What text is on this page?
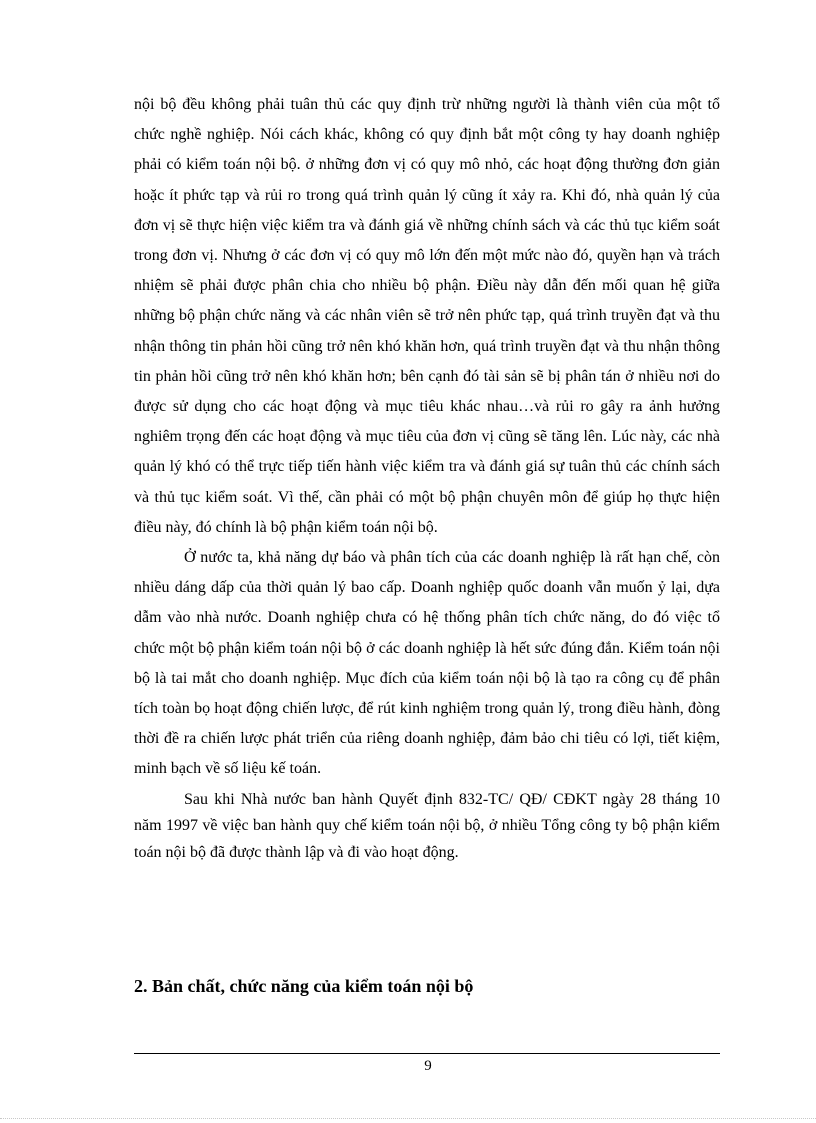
nội bộ đều không phải tuân thủ các quy định trừ những người là thành viên của một tổ chức nghề nghiệp. Nói cách khác, không có quy định bắt một công ty hay doanh nghiệp phải có kiểm toán nội bộ. ở những đơn vị có quy mô nhỏ, các hoạt động thường đơn giản hoặc ít phức tạp và rủi ro trong quá trình quản lý cũng ít xảy ra. Khi đó, nhà quản lý của đơn vị sẽ thực hiện việc kiểm tra và đánh giá về những chính sách và các thủ tục kiểm soát trong đơn vị. Nhưng ở các đơn vị có quy mô lớn đến một mức nào đó, quyền hạn và trách nhiệm sẽ phải được phân chia cho nhiều bộ phận. Điều này dẫn đến mối quan hệ giữa những bộ phận chức năng và các nhân viên sẽ trở nên phức tạp, quá trình truyền đạt và thu nhận thông tin phản hồi cũng trở nên khó khăn hơn, quá trình truyền đạt và thu nhận thông tin phản hồi cũng trở nên khó khăn hơn; bên cạnh đó tài sản sẽ bị phân tán ở nhiều nơi do được sử dụng cho các hoạt động và mục tiêu khác nhau…và rủi ro gây ra ảnh hưởng nghiêm trọng đến các hoạt động và mục tiêu của đơn vị cũng sẽ tăng lên. Lúc này, các nhà quản lý khó có thể trực tiếp tiến hành việc kiểm tra và đánh giá sự tuân thủ các chính sách và thủ tục kiểm soát. Vì thế, cần phải có một bộ phận chuyên môn để giúp họ thực hiện điều này, đó chính là bộ phận kiểm toán nội bộ.

Ở nước ta, khả năng dự báo và phân tích của các doanh nghiệp là rất hạn chế, còn nhiều dáng dấp của thời quản lý bao cấp. Doanh nghiệp quốc doanh vẫn muốn ỷ lại, dựa dẫm vào nhà nước. Doanh nghiệp chưa có hệ thống phân tích chức năng, do đó việc tổ chức một bộ phận kiểm toán nội bộ ở các doanh nghiệp là hết sức đúng đắn. Kiểm toán nội bộ là tai mắt cho doanh nghiệp. Mục đích của kiểm toán nội bộ là tạo ra công cụ để phân tích toàn bọ hoạt động chiến lược, để rút kinh nghiệm trong quản lý, trong điều hành, đòng thời đề ra chiến lược phát triển của riêng doanh nghiệp, đảm bảo chi tiêu có lợi, tiết kiệm, minh bạch về số liệu kế toán.

Sau khi Nhà nước ban hành Quyết định 832-TC/ QĐ/ CĐKT ngày 28 tháng 10 năm 1997 về việc ban hành quy chế kiểm toán nội bộ, ở nhiều Tổng công ty bộ phận kiểm toán nội bộ đã được thành lập và đi vào hoạt động.

2. Bản chất, chức năng của kiểm toán nội bộ
9
